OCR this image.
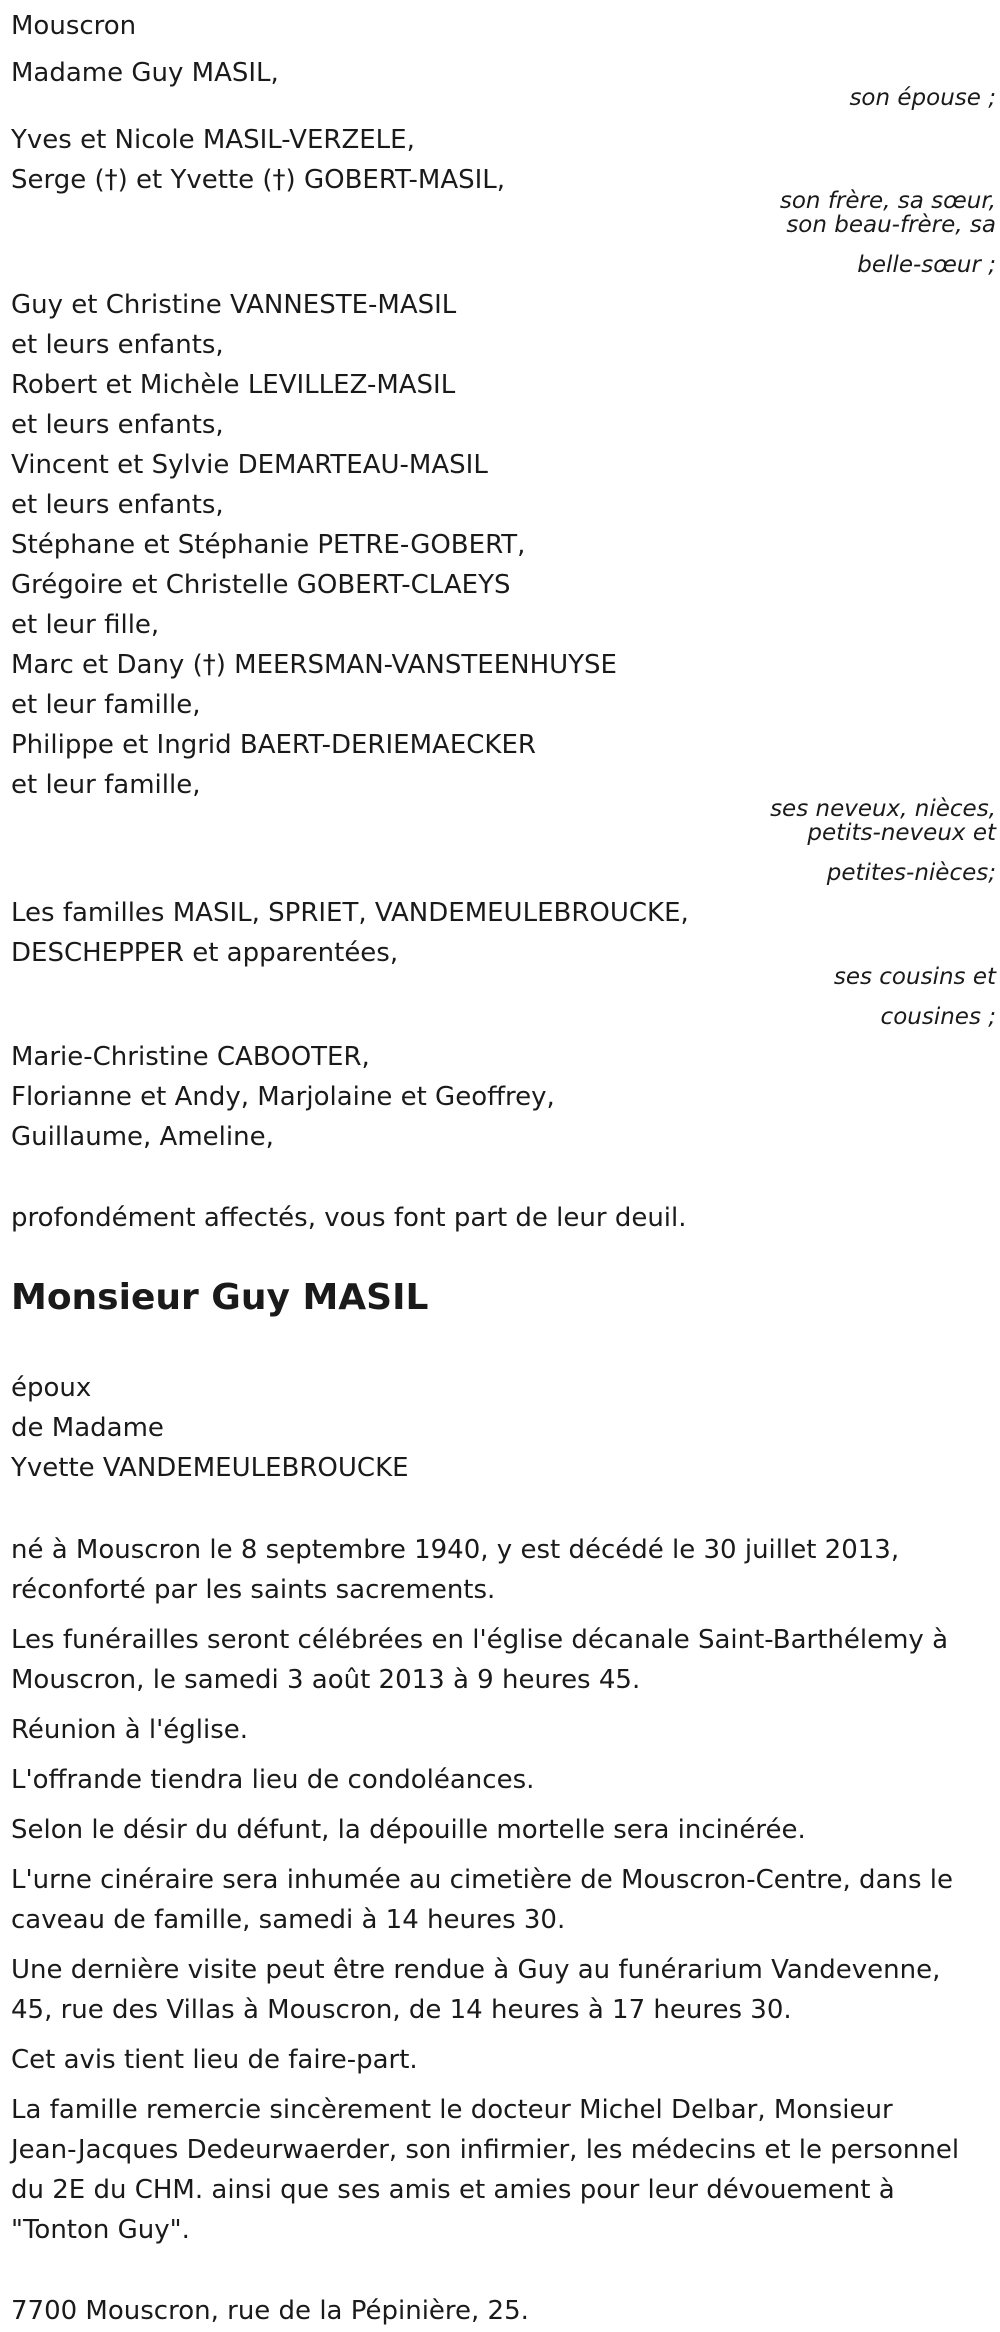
Mouscron
Madame Guy MASIL,
son épouse ;
Yves et Nicole MASIL-VERZELE,
Serge (†) et Yvette (†) GOBERT-MASIL,
son frère, sa sœur,
son beau-frère, sa
belle-sœur ;
Guy et Christine VANNESTE-MASIL
et leurs enfants,
Robert et Michèle LEVILLEZ-MASIL
et leurs enfants,
Vincent et Sylvie DEMARTEAU-MASIL
et leurs enfants,
Stéphane et Stéphanie PETRE-GOBERT,
Grégoire et Christelle GOBERT-CLAEYS
et leur fille,
Marc et Dany (†) MEERSMAN-VANSTEENHUYSE
et leur famille,
Philippe et Ingrid BAERT-DERIEMAECKER
et leur famille,
ses neveux, nièces,
petits-neveux et
petites-nièces;
Les familles MASIL, SPRIET, VANDEMEULEBROUCKE,
DESCHEPPER et apparentées,
ses cousins et
cousines ;
Marie-Christine CABOOTER,
Florianne et Andy, Marjolaine et Geoffrey,
Guillaume, Ameline,
profondément affectés, vous font part de leur deuil.
Monsieur Guy MASIL
époux
de Madame
Yvette VANDEMEULEBROUCKE
né à Mouscron le 8 septembre 1940, y est décédé le 30 juillet 2013,
réconforté par les saints sacrements.
Les funérailles seront célébrées en l'église décanale Saint-Barthélemy à
Mouscron, le samedi 3 août 2013 à 9 heures 45.
Réunion à l'église.
L'offrande tiendra lieu de condoléances.
Selon le désir du défunt, la dépouille mortelle sera incinérée.
L'urne cinéraire sera inhumée au cimetière de Mouscron-Centre, dans le
caveau de famille, samedi à 14 heures 30.
Une dernière visite peut être rendue à Guy au funérarium Vandevenne,
45, rue des Villas à Mouscron, de 14 heures à 17 heures 30.
Cet avis tient lieu de faire-part.
La famille remercie sincèrement le docteur Michel Delbar, Monsieur
Jean-Jacques Dedeurwaerder, son infirmier, les médecins et le personnel
du 2E du CHM. ainsi que ses amis et amies pour leur dévouement à
"Tonton Guy".
7700 Mouscron, rue de la Pépinière, 25.
